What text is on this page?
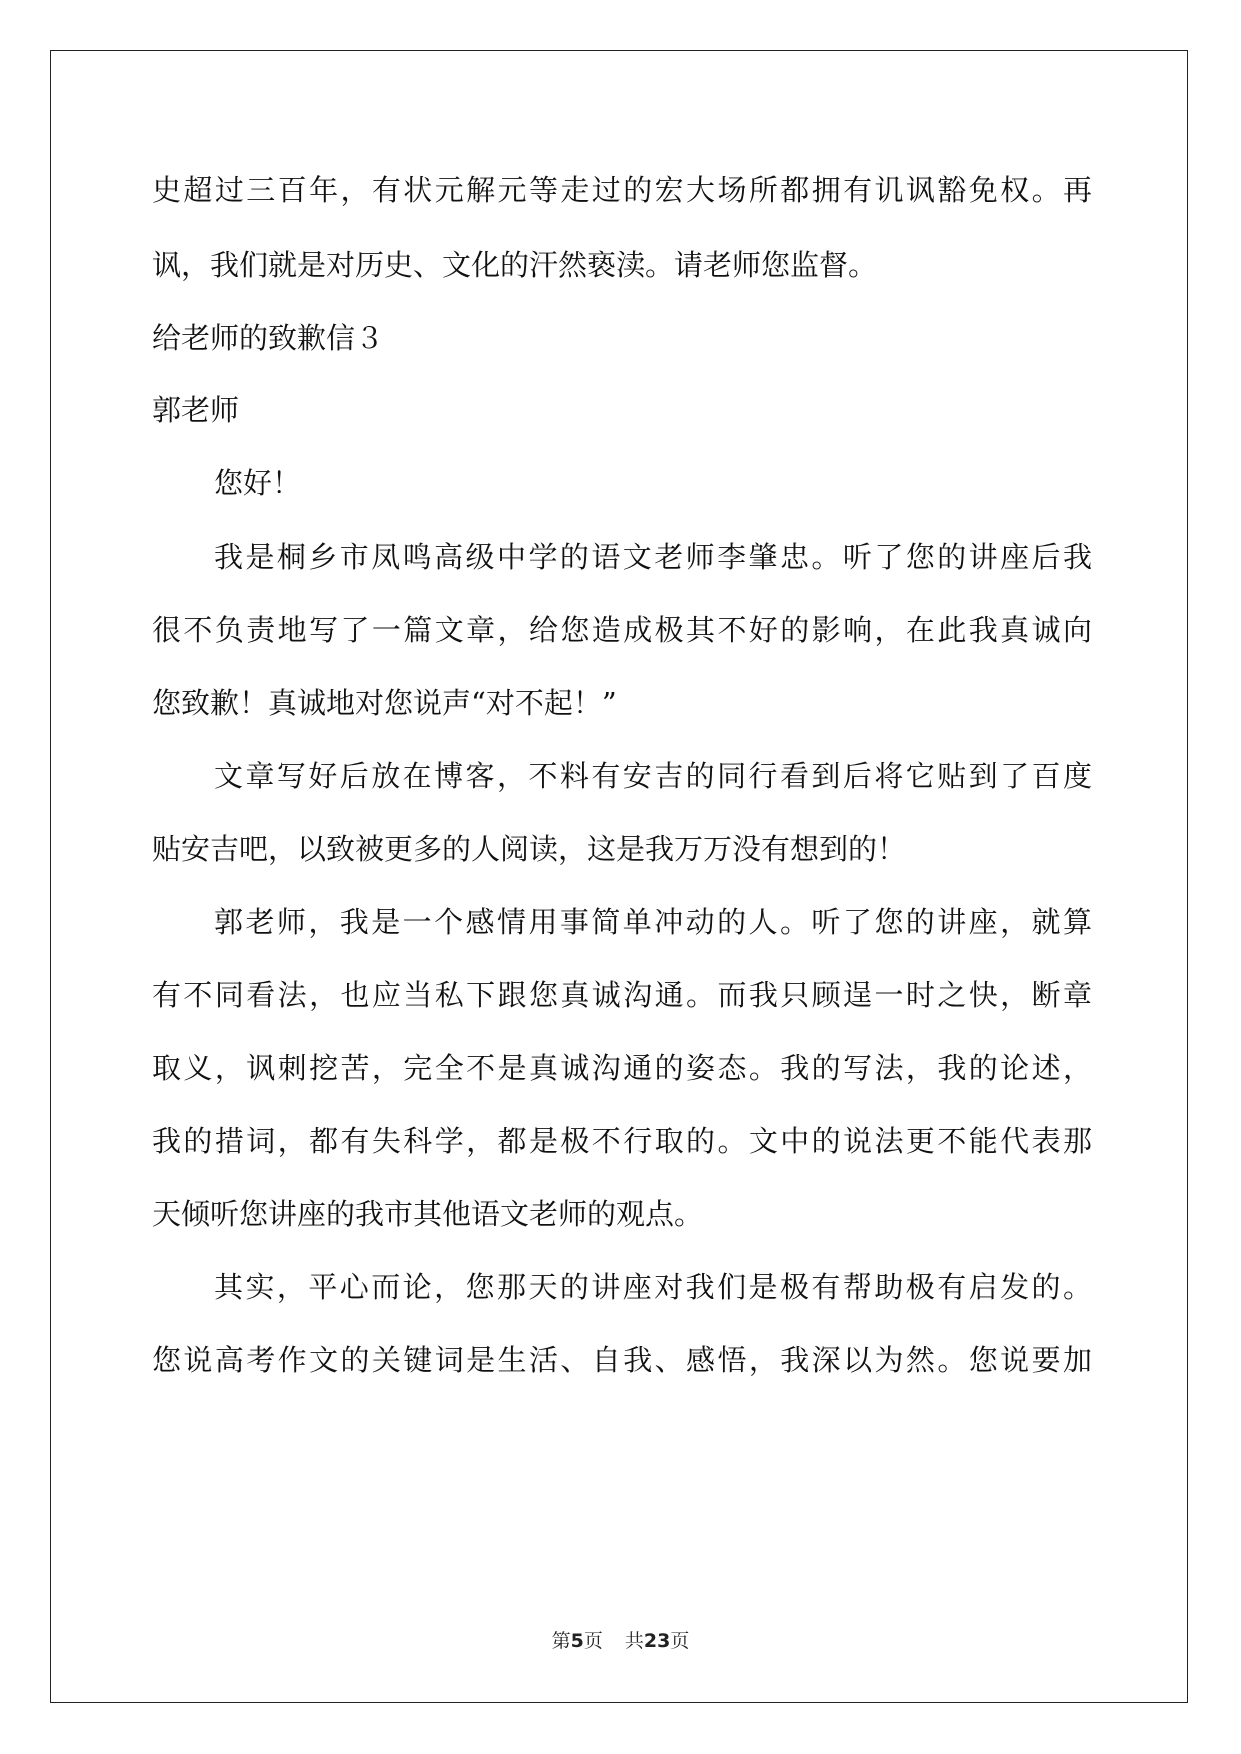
史超过三百年，有状元解元等走过的宏大场所都拥有讥讽豁免权。再
讽，我们就是对历史、文化的汗然亵渎。请老师您监督。
给老师的致歉信３
郭老师
您好！
我是桐乡市凤鸣高级中学的语文老师李肇忠。听了您的讲座后我
很不负责地写了一篇文章，给您造成极其不好的影响，在此我真诚向
您致歉！真诚地对您说声“对不起！”
文章写好后放在博客，不料有安吉的同行看到后将它贴到了百度
贴安吉吧，以致被更多的人阅读，这是我万万没有想到的！
郭老师，我是一个感情用事简单冲动的人。听了您的讲座，就算
有不同看法，也应当私下跟您真诚沟通。而我只顾逞一时之快，断章
取义，讽刺挖苦，完全不是真诚沟通的姿态。我的写法，我的论述，
我的措词，都有失科学，都是极不行取的。文中的说法更不能代表那
天倾听您讲座的我市其他语文老师的观点。
其实，平心而论，您那天的讲座对我们是极有帮助极有启发的。
您说高考作文的关键词是生活、自我、感悟，我深以为然。您说要加
第5页 共23页
